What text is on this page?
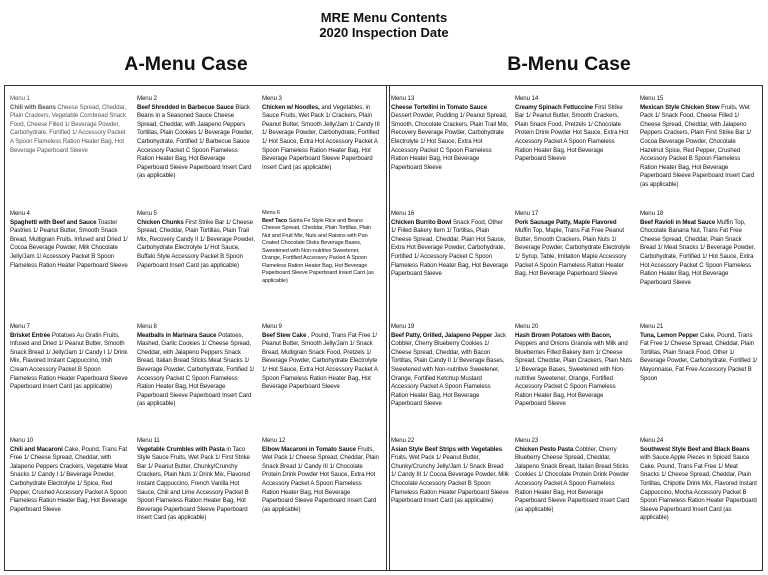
MRE Menu Contents
2020 Inspection Date
A-Menu Case	B-Menu Case
Menu 1
Chili with Beans Cheese Spread, Cheddar, Plain Crackers, Vegetable Cornbread Snack Food, Cheese Filled 1/ Beverage Powder, Carbohydrate, Fortified 1/ Accessory Packet A Spoon Flameless Ration Heater Bag, Hot Beverage Paperboard Sleeve
Menu 2
Beef Shredded in Barbecue Sauce Black Beans in a Seasoned Sauce Cheese Spread, Cheddar, with Jalapeno Peppers Tortillas, Plain Cookies 1/ Beverage Powder, Carbohydrate, Fortified 1/ Barbecue Sauce Accessory Packet C Spoon Flameless Ration Heater Bag, Hot Beverage Paperboard Sleeve Paperboard Insert Card (as applicable)
Menu 3
Chicken w/ Noodles, and Vegetables, in Sauce Fruits, Wet Pack 1/ Crackers, Plain Peanut Butter, Smooth Jelly/Jam 1/ Candy III 1/ Beverage Powder, Carbohydrate, Fortified 1/ Hot Sauce, Extra Hot Accessory Packet A Spoon Flameless Ration Heater Bag, Hot Beverage Paperboard Sleeve Paperboard Insert Card (as applicable)
Menu 4
Spaghetti with Beef and Sauce Toaster Pastries 1/ Peanut Butter, Smooth Snack Bread, Multigrain Fruits, Infused and Dried 1/ Cocoa Beverage Powder, Milk Chocolate Jelly/Jam 1/ Accessory Packet B Spoon Flameless Ration Heater Paperboard Sleeve
Menu 5
Chicken Chunks First Strike Bar 1/ Cheese Spread, Cheddar, Plain Tortillas, Plain Trail Mix, Recovery Candy II 1/ Beverage Powder, Carbohydrate Electrolyte 1/ Hot Sauce, Buffalo Style Accessory Packet B Spoon Paperboard Insert Card (as applicable)
Menu 6
Beef Taco Santa Fe Style Rice and Beans Cheese Spread, Cheddar, Plain Tortillas, Plain Nut and Fruit Mix, Nuts and Raisins with Pan Coated Chocolate Disks Beverage Bases, Sweetened with Non-nutritive Sweetener, Orange, Fortified Accessory Packet A Spoon Flameless Ration Heater Bag, Hot Beverage Paperboard Sleeve Paperboard Insert Card (as applicable)
Menu 7
Brisket Entrée Potatoes Au Gratin Fruits, Infused and Dried 1/ Peanut Butter, Smooth Snack Bread 1/ Jelly/Jam 1/ Candy I 1/ Drink Mix, Flavored Instant Cappuccino, Irish Cream Accessory Packet B Spoon Flameless Ration Heater Paperboard Sleeve Paperboard Insert Card (as applicable)
Menu 8
Meatballs in Marinara Sauce Potatoes, Mashed, Garlic Cookies 1/ Cheese Spread, Cheddar, with Jalapeno Peppers Snack Bread, Italian Bread Sticks Meat Snacks 1/ Beverage Powder, Carbohydrate, Fortified 1/ Accessory Packet C Spoon Flameless Ration Heater Bag, Hot Beverage Paperboard Sleeve Paperboard Insert Card (as applicable)
Menu 9
Beef Stew Cake , Pound, Trans Fat Free 1/ Peanut Butter, Smooth Jelly/Jam 1/ Snack Bread, Multigrain Snack Food, Pretzels 1/ Beverage Powder, Carbohydrate Electrolyte 1/ Hot Sauce, Extra Hot Accessory Packet A Spoon Flameless Ration Heater Bag, Hot Beverage Paperboard Sleeve
Menu 10
Chili and Macaroni Cake, Pound, Trans Fat Free 1/ Cheese Spread, Cheddar, with Jalapeno Peppers Crackers, Vegetable Meat Snacks 1/ Candy I 1/ Beverage Powder, Carbohydrate Electrolyte 1/ Spice, Red Pepper, Crushed Accessory Packet A Spoon Flameless Ration Heater Bag, Hot Beverage Paperboard Sleeve
Menu 11
Vegetable Crumbles with Pasta in Taco Style Sauce Fruits, Wet Pack 1/ First Strike Bar 1/ Peanut Butter, Chunky/Crunchy Crackers, Plain Nuts 1/ Drink Mix, Flavored Instant Cappuccino, French Vanilla Hot Sauce, Chili and Lime Accessory Packet B Spoon Flameless Ration Heater Bag, Hot Beverage Paperboard Sleeve Paperboard Insert Card (as applicable)
Menu 12
Elbow Macaroni in Tomato Sauce Fruits, Wet Pack 1/ Cheese Spread, Cheddar, Plain Snack Bread 1/ Candy III 1/ Chocolate Protein Drink Powder Hot Sauce, Extra Hot Accessory Packet A Spoon Flameless Ration Heater Bag, Hot Beverage Paperboard Sleeve Paperboard Insert Card (as applicable)
Menu 13
Cheese Tortellini in Tomato Sauce Dessert Powder, Pudding 1/ Peanut Spread, Smooth, Chocolate Crackers, Plain Trail Mix, Recovery Beverage Powder, Carbohydrate Electrolyte 1/ Hot Sauce, Extra Hot Accessory Packet C Spoon Flameless Ration Heater Bag, Hot Beverage Paperboard Sleeve
Menu 14
Creamy Spinach Fettuccine First Strike Bar 1/ Peanut Butter, Smooth Crackers, Plain Snack Food, Pretzels 1/ Chocolate Protein Drink Powder Hot Sauce, Extra Hot Accessory Packet A Spoon Flameless Ration Heater Bag, Hot Beverage Paperboard Sleeve
Menu 15
Mexican Style Chicken Stew Fruits, Wet Pack 1/ Snack Food, Cheese Filled 1/ Cheese Spread, Cheddar, with Jalapeno Peppers Crackers, Plain First Strike Bar 1/ Cocoa Beverage Powder, Chocolate Hazelnut Spice, Red Pepper, Crushed Accessory Packet B Spoon Flameless Ration Heater Bag, Hot Beverage Paperboard Sleeve Paperboard Insert Card (as applicable)
Menu 16
Chicken Burrito Bowl Snack Food, Other 1/ Filled Bakery Item 1/ Tortillas, Plain Cheese Spread, Cheddar, Plain Hot Sauce, Extra Hot Beverage Powder, Carbohydrate, Fortified 1/ Accessory Packet C Spoon Flameless Ration Heater Bag, Hot Beverage Paperboard Sleeve
Menu 17
Pork Sausage Patty, Maple Flavored Muffin Top, Maple, Trans Fat Free Peanut Butter, Smooth Crackers, Plain Nuts 1/ Beverage Powder, Carbohydrate Electrolyte 1/ Syrup, Table, Imitation Maple Accessory Packet A Spoon Flameless Ration Heater Bag, Hot Beverage Paperboard Sleeve
Menu 18
Beef Ravioli in Meat Sauce Muffin Top, Chocolate Banana Nut, Trans Fat Free Cheese Spread, Cheddar, Plain Snack Bread 1/ Meat Snacks 1/ Beverage Powder, Carbohydrate, Fortified 1/ Hot Sauce, Extra Hot Accessory Packet C Spoon Flameless Ration Heater Bag, Hot Beverage Paperboard Sleeve
Menu 19
Beef Patty, Grilled, Jalapeno Pepper Jack Cobbler, Cherry Blueberry Cookies 1/ Cheese Spread, Cheddar, with Bacon Tortillas, Plain Candy II 1/ Beverage Bases, Sweetened with Non-nutritive Sweetener, Orange, Fortified Ketchup Mustard Accessory Packet A Spoon Flameless Ration Heater Bag, Hot Beverage Paperboard Sleeve
Menu 20
Hash Brown Potatoes with Bacon, Peppers and Onions Granola with Milk and Blueberries Filled Bakery Item 1/ Cheese Spread, Cheddar, Plain Crackers, Plain Nuts 1/ Beverage Bases, Sweetened with Non-nutritive Sweetener, Orange, Fortified Accessory Packet C Spoon Flameless Ration Heater Bag, Hot Beverage Paperboard Sleeve
Menu 21
Tuna, Lemon Pepper Cake, Pound, Trans Fat Free 1/ Cheese Spread, Cheddar, Plain Tortillas, Plain Snack Food, Other 1/ Beverage Powder, Carbohydrate, Fortified 1/ Mayonnaise, Fat Free Accessory Packet B Spoon
Menu 22
Asian Style Beef Strips with Vegetables Fruits, Wet Pack 1/ Peanut Butter, Chunky/Crunchy Jelly/Jam 1/ Snack Bread 1/ Candy III 1/ Cocoa Beverage Powder, Milk Chocolate Accessory Packet B Spoon Flameless Ration Heater Paperboard Sleeve Paperboard Insert Card (as applicable)
Menu 23
Chicken Pesto Pasta Cobbler, Cherry Blueberry Cheese Spread, Cheddar, Jalapeno Snack Bread, Italian Bread Sticks Cookies 1/ Chocolate Protein Drink Powder Accessory Packet A Spoon Flameless Ration Heater Bag, Hot Beverage Paperboard Sleeve Paperboard Insert Card (as applicable)
Menu 24
Southwest Style Beef and Black Beans with Sauce Apple Pieces in Spiced Sauce Cake, Pound, Trans Fat Free 1/ Meat Snacks 1/ Cheese Spread, Cheddar, Plain Tortillas, Chipotle Drink Mix, Flavored Instant Cappuccino, Mocha Accessory Packet B Spoon Flameless Ration Heater Paperboard Sleeve Paperboard Insert Card (as applicable)
